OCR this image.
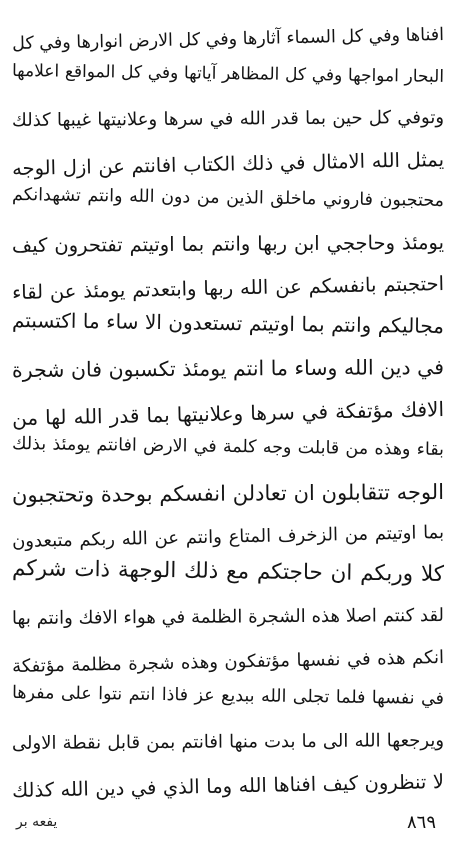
افناها وفي كل السماء آثارها وفي كل الارض انوارها وفي كل
البحار امواجها وفي كل المظاهر آياتها وفي كل المواقع اعلامها
وتوفي كل حين بما قدر الله في سرها وعلانيتها غيبها كذلك
يمثل الله الامثال في ذلك الكتاب افانتم عن ازل الوجه
محتجبون فاروني ماخلق الذين من دون الله وانتم تشهدانكم
يومئذ وحاججي ابن ربها وانتم بما اوتيتم تفتحرون كيف
احتجبتم بانفسكم عن الله ربها وابتعدتم يومئذ عن لقاء
مجاليكم وانتم بما اوتيتم تستعدون الا ساء ما اكتسبتم
في دين الله وساء ما انتم يومئذ تكسبون فان شجرة
الافك مؤتفكة في سرها وعلانيتها بما قدر الله لها من
بقاء وهذه من قابلت وجه كلمة في الارض افانتم يومئذ بذلك
الوجه تتقابلون ان تعادلن انفسكم بوحدة وتحتجبون
بما اوتيتم من الزخرف المتاع وانتم عن الله ربكم متبعدون
كلا وربكم ان حاجتكم مع ذلك الوجهة ذات شركم
لقد كنتم اصلا هذه الشجرة الظلمة في هواء الافك وانتم بها
انكم هذه في نفسها مؤتفكون وهذه شجرة مظلمة مؤتفكة
في نفسها فلما تجلى الله ببديع عز فاذا انتم نتوا على مفرها
ويرجعها الله الى ما بدت منها افانتم بمن قابل نقطة الاولى
لا تنظرون كيف افناها الله وما الذي في دين الله كذلك
يفعه بر	٨٦٩
